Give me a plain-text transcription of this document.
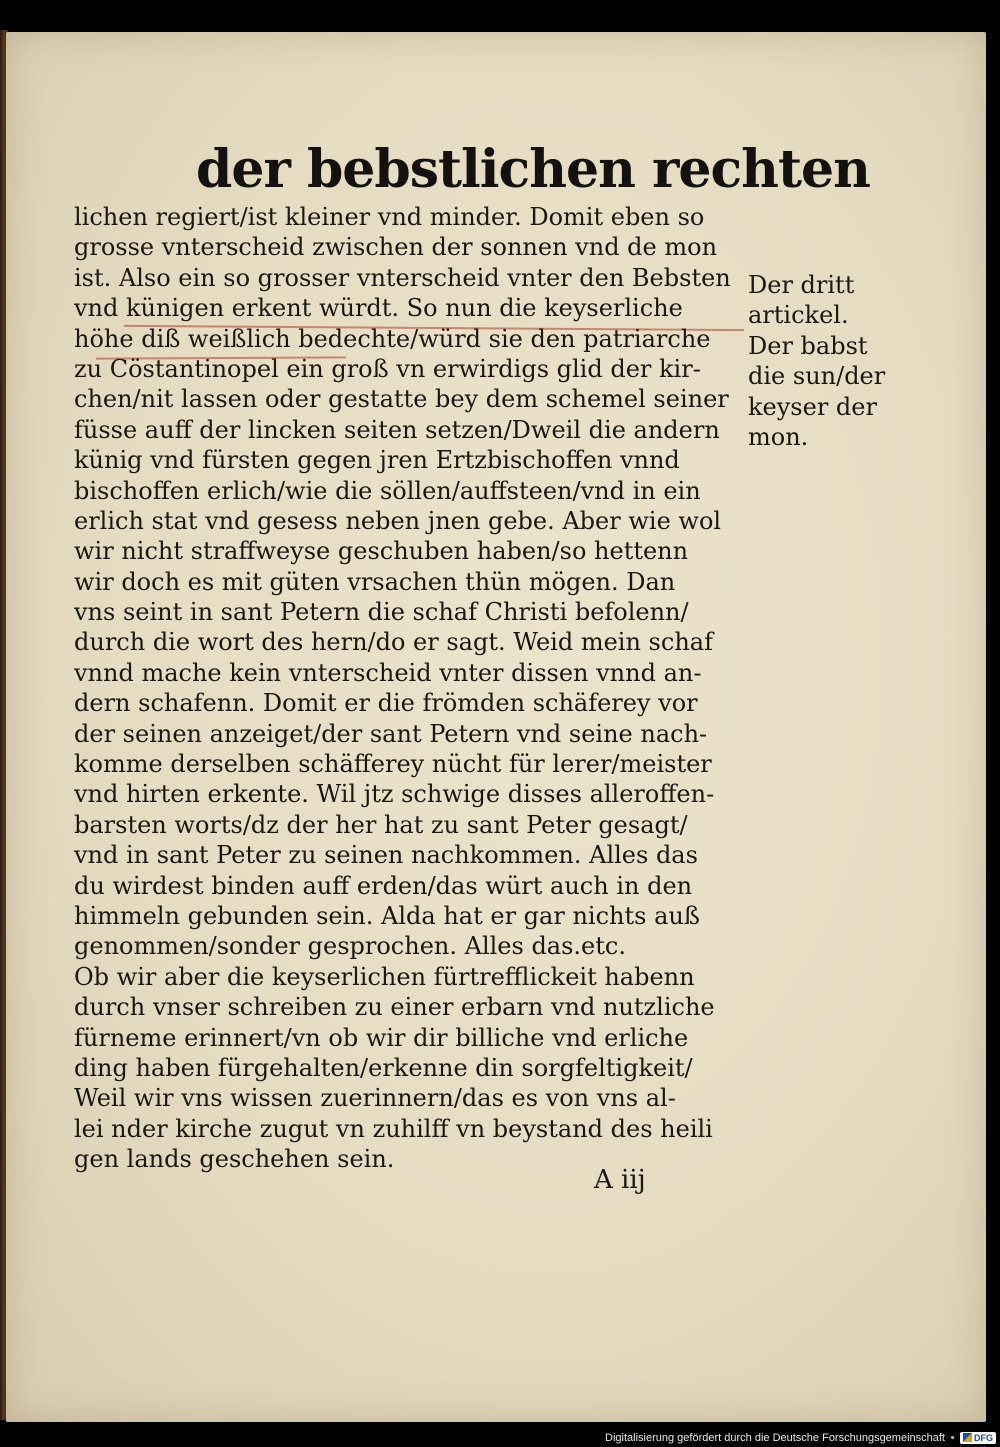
der bebstlichen rechten
lichen regiert/ist kleiner vnd minder. Domit eben so
grosse vnterscheid zwischen der sonnen vnd de mon
ist. Also ein so grosser vnterscheid vnter den Bebsten
vnd künigen erkent würdt. So nun die keyserliche
höhe diß weißlich bedechte/würd sie den patriarche
zu Cöstantinopel ein groß vn erwirdigs glid der kir-
chen/nit lassen oder gestatte bey dem schemel seiner
füsse auff der lincken seiten setzen/Dweil die andern
künig vnd fürsten gegen jren Ertzbischoffen vnnd
bischoffen erlich/wie die söllen/auffsteen/vnd in ein
erlich stat vnd gesess neben jnen gebe. Aber wie wol
wir nicht straffweyse geschuben haben/so hettenn
wir doch es mit güten vrsachen thün mögen. Dan
vns seint in sant Petern die schaf Christi befolenn/
durch die wort des hern/do er sagt. Weid mein schaf
vnnd mache kein vnterscheid vnter dissen vnnd an-
dern schafenn. Domit er die frömden schäferey vor
der seinen anzeiget/der sant Petern vnd seine nach-
komme derselben schäfferey nücht für lerer/meister
vnd hirten erkente. Wil jtz schwige disses alleroffen-
barsten worts/dz der her hat zu sant Peter gesagt/
vnd in sant Peter zu seinen nachkommen. Alles das
du wirdest binden auff erden/das würt auch in den
himmeln gebunden sein. Alda hat er gar nichts auß
genommen/sonder gesprochen. Alles das.etc.
Ob wir aber die keyserlichen fürtrefflickeit habenn
durch vnser schreiben zu einer erbarn vnd nutzliche
fürneme erinnert/vn ob wir dir billiche vnd erliche
ding haben fürgehalten/erkenne din sorgfeltigkeit/
Weil wir vns wissen zuerinnern/das es von vns al-
lei nder kirche zugut vn zuhilff vn beystand des heili
gen lands geschehen sein.
Der dritt
artickel.
Der babst
die sun/der
keyser der
mon.
A iij
Digitalisierung gefördert durch die Deutsche Forschungsgemeinschaft	DFG
